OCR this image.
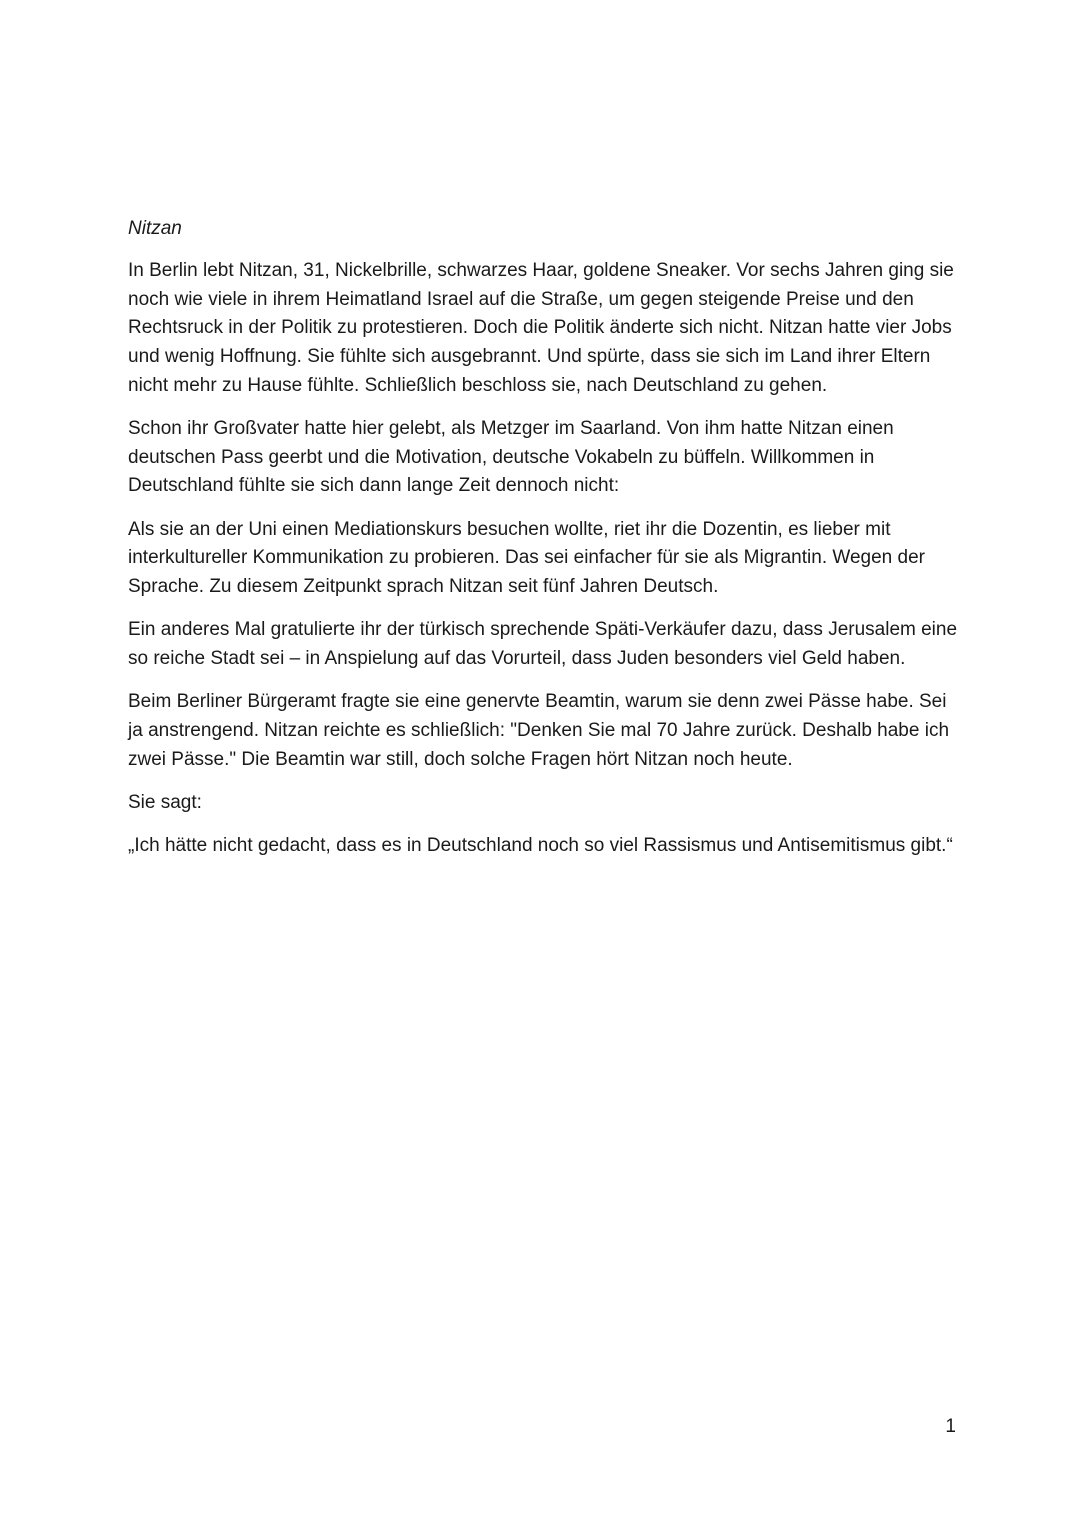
Nitzan

In Berlin lebt Nitzan, 31, Nickelbrille, schwarzes Haar, goldene Sneaker. Vor sechs Jahren ging sie noch wie viele in ihrem Heimatland Israel auf die Straße, um gegen steigende Preise und den Rechtsruck in der Politik zu protestieren. Doch die Politik änderte sich nicht. Nitzan hatte vier Jobs und wenig Hoffnung. Sie fühlte sich ausgebrannt. Und spürte, dass sie sich im Land ihrer Eltern nicht mehr zu Hause fühlte. Schließlich beschloss sie, nach Deutschland zu gehen.

Schon ihr Großvater hatte hier gelebt, als Metzger im Saarland. Von ihm hatte Nitzan einen deutschen Pass geerbt und die Motivation, deutsche Vokabeln zu büffeln. Willkommen in Deutschland fühlte sie sich dann lange Zeit dennoch nicht:

Als sie an der Uni einen Mediationskurs besuchen wollte, riet ihr die Dozentin, es lieber mit interkultureller Kommunikation zu probieren. Das sei einfacher für sie als Migrantin. Wegen der Sprache. Zu diesem Zeitpunkt sprach Nitzan seit fünf Jahren Deutsch.

Ein anderes Mal gratulierte ihr der türkisch sprechende Späti-Verkäufer dazu, dass Jerusalem eine so reiche Stadt sei – in Anspielung auf das Vorurteil, dass Juden besonders viel Geld haben.

Beim Berliner Bürgeramt fragte sie eine genervte Beamtin, warum sie denn zwei Pässe habe. Sei ja anstrengend. Nitzan reichte es schließlich: "Denken Sie mal 70 Jahre zurück. Deshalb habe ich zwei Pässe." Die Beamtin war still, doch solche Fragen hört Nitzan noch heute.

Sie sagt:

„Ich hätte nicht gedacht, dass es in Deutschland noch so viel Rassismus und Antisemitismus gibt.“

1
